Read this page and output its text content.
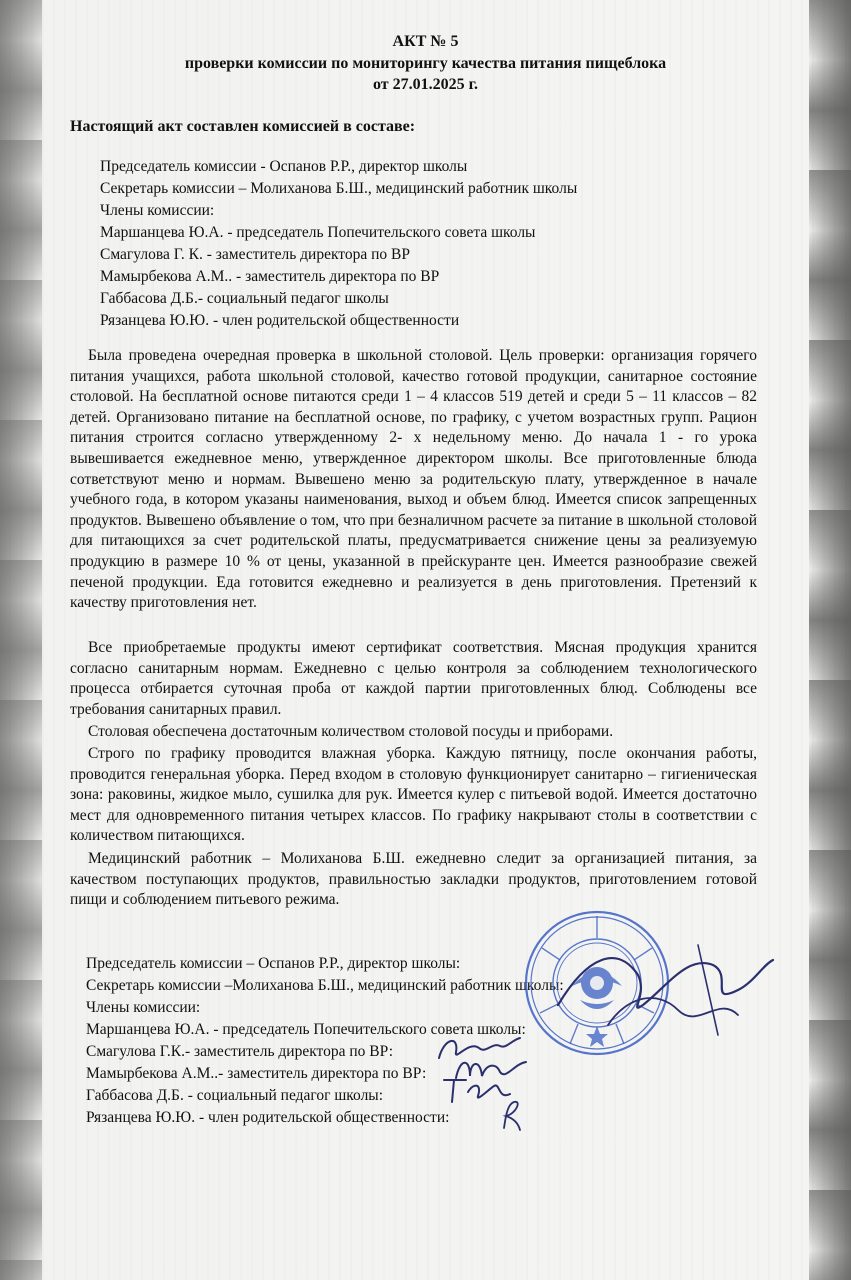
АКТ № 5
проверки комиссии по мониторингу качества питания пищеблока
от 27.01.2025 г.
Настоящий акт составлен комиссией в составе:
Председатель комиссии - Оспанов Р.Р., директор школы
Секретарь комиссии – Молиханова Б.Ш., медицинский работник школы
Члены комиссии:
Маршанцева Ю.А. - председатель Попечительского совета школы
Смагулова Г. К. - заместитель директора по ВР
Мамырбекова А.М.. - заместитель директора по ВР
Габбасова Д.Б.- социальный педагог школы
Рязанцева Ю.Ю. - член родительской общественности
Была проведена очередная проверка в школьной столовой. Цель проверки: организация горячего питания учащихся, работа школьной столовой, качество готовой продукции, санитарное состояние столовой. На бесплатной основе питаются среди 1 – 4 классов 519 детей и среди 5 – 11 классов – 82 детей. Организовано питание на бесплатной основе, по графику, с учетом возрастных групп. Рацион питания строится согласно утвержденному 2- х недельному меню. До начала 1 - го урока вывешивается ежедневное меню, утвержденное директором школы. Все приготовленные блюда сответствуют меню и нормам. Вывешено меню за родительскую плату, утвержденное в начале учебного года, в котором указаны наименования, выход и объем блюд. Имеется список запрещенных продуктов. Вывешено объявление о том, что при безналичном расчете за питание в школьной столовой для питающихся за счет родительской платы, предусматривается снижение цены за реализуемую продукцию в размере 10 % от цены, указанной в прейскуранте цен. Имеется разнообразие свежей печеной продукции. Еда готовится ежедневно и реализуется в день приготовления. Претензий к качеству приготовления нет.
Все приобретаемые продукты имеют сертификат соответствия. Мясная продукция хранится согласно санитарным нормам. Ежедневно с целью контроля за соблюдением технологического процесса отбирается суточная проба от каждой партии приготовленных блюд. Соблюдены все требования санитарных правил.
Столовая обеспечена достаточным количеством столовой посуды и приборами.
Строго по графику проводится влажная уборка. Каждую пятницу, после окончания работы, проводится генеральная уборка. Перед входом в столовую функционирует санитарно – гигиеническая зона: раковины, жидкое мыло, сушилка для рук. Имеется кулер с питьевой водой. Имеется достаточно мест для одновременного питания четырех классов. По графику накрывают столы в соответствии с количеством питающихся.
Медицинский работник – Молиханова Б.Ш. ежедневно следит за организацией питания, за качеством поступающих продуктов, правильностью закладки продуктов, приготовлением готовой пищи и соблюдением питьевого режима.
Председатель комиссии – Оспанов Р.Р., директор школы:
Секретарь комиссии –Молиханова Б.Ш., медицинский работник школы:
Члены комиссии:
Маршанцева Ю.А. - председатель Попечительского совета школы:
Смагулова Г.К.- заместитель директора по ВР:
Мамырбекова А.М..- заместитель директора по ВР:
Габбасова Д.Б. - социальный педагог школы:
Рязанцева Ю.Ю. - член родительской общественности:
